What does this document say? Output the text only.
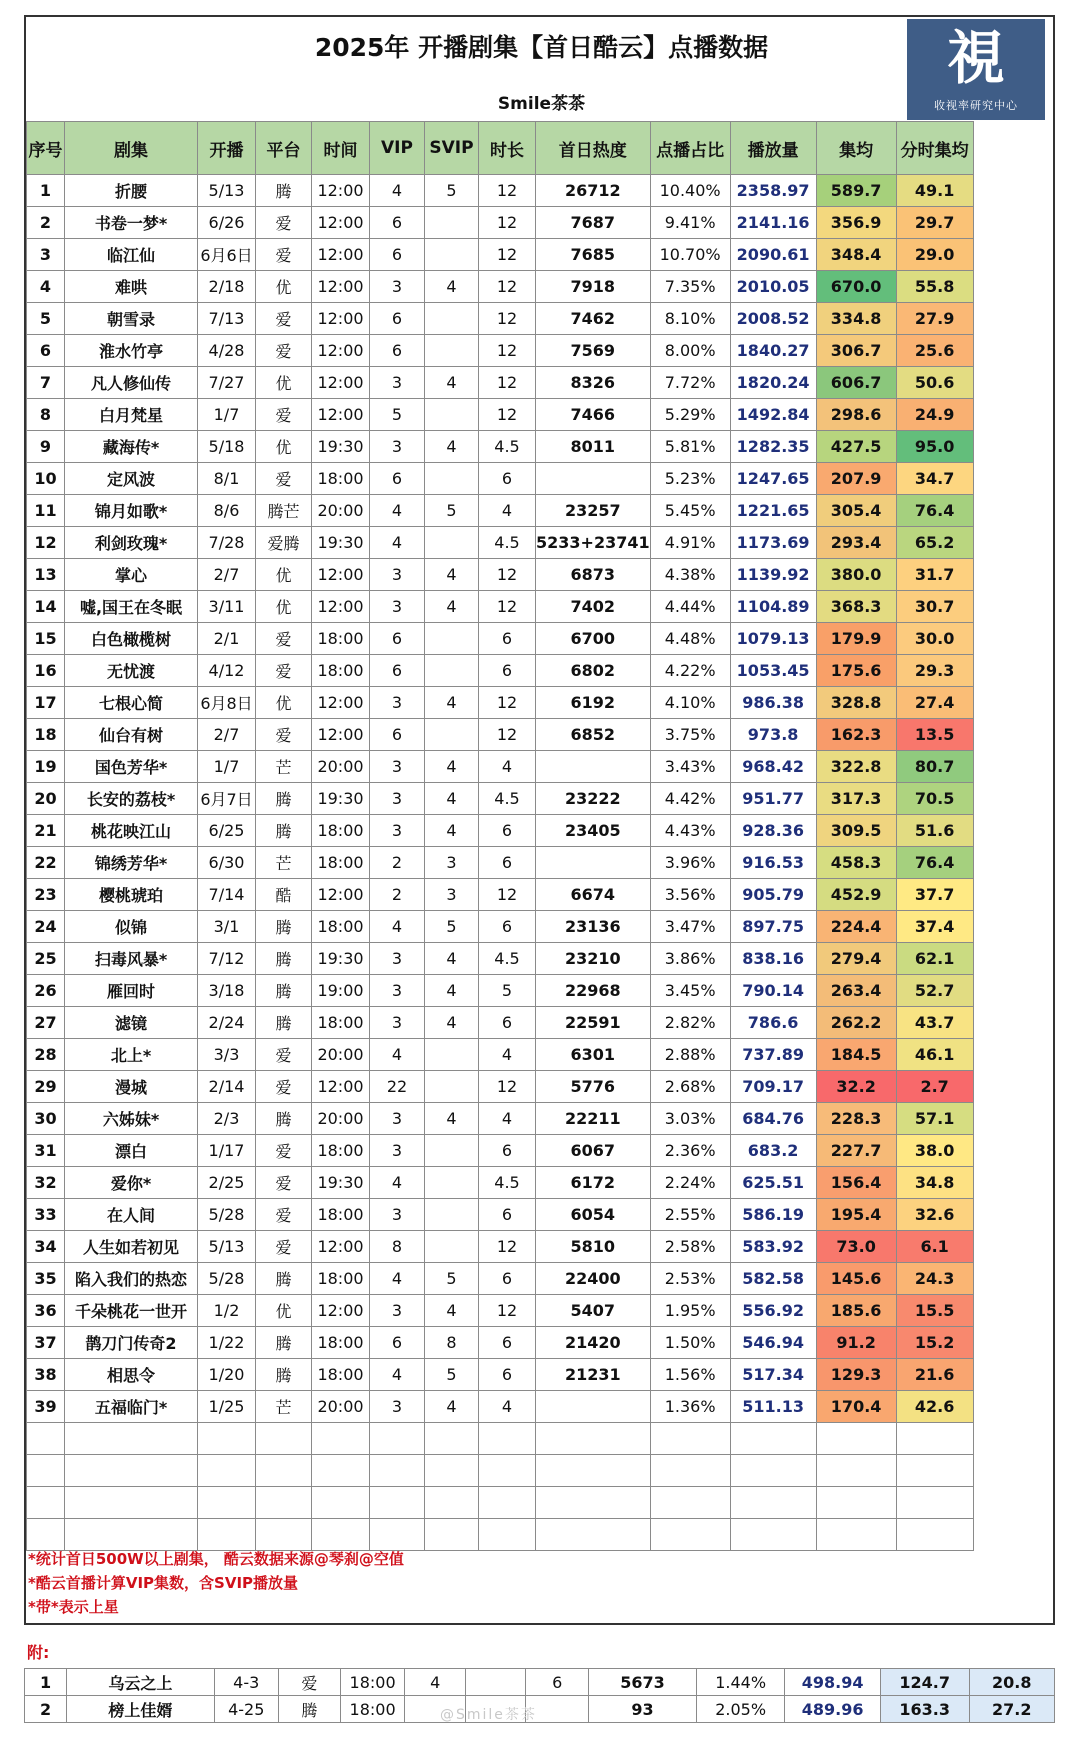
2025年 开播剧集【首日酷云】点播数据
Smile茶茶
視
收视率研究中心
序号	剧集	开播	平台	时间	VIP	SVIP	时长	首日热度	点播占比	播放量	集均	分时集均
1	折腰	5/13	腾	12:00	4	5	12	26712	10.40%	2358.97	589.7	49.1
2	书卷一梦*	6/26	爱	12:00	6		12	7687	9.41%	2141.16	356.9	29.7
3	临江仙	6月6日	爱	12:00	6		12	7685	10.70%	2090.61	348.4	29.0
4	难哄	2/18	优	12:00	3	4	12	7918	7.35%	2010.05	670.0	55.8
5	朝雪录	7/13	爱	12:00	6		12	7462	8.10%	2008.52	334.8	27.9
6	淮水竹亭	4/28	爱	12:00	6		12	7569	8.00%	1840.27	306.7	25.6
7	凡人修仙传	7/27	优	12:00	3	4	12	8326	7.72%	1820.24	606.7	50.6
8	白月梵星	1/7	爱	12:00	5		12	7466	5.29%	1492.84	298.6	24.9
9	藏海传*	5/18	优	19:30	3	4	4.5	8011	5.81%	1282.35	427.5	95.0
10	定风波	8/1	爱	18:00	6		6		5.23%	1247.65	207.9	34.7
11	锦月如歌*	8/6	腾芒	20:00	4	5	4	23257	5.45%	1221.65	305.4	76.4
12	利剑玫瑰*	7/28	爱腾	19:30	4		4.5	5233+23741	4.91%	1173.69	293.4	65.2
13	掌心	2/7	优	12:00	3	4	12	6873	4.38%	1139.92	380.0	31.7
14	嘘,国王在冬眠	3/11	优	12:00	3	4	12	7402	4.44%	1104.89	368.3	30.7
15	白色橄榄树	2/1	爱	18:00	6		6	6700	4.48%	1079.13	179.9	30.0
16	无忧渡	4/12	爱	18:00	6		6	6802	4.22%	1053.45	175.6	29.3
17	七根心简	6月8日	优	12:00	3	4	12	6192	4.10%	986.38	328.8	27.4
18	仙台有树	2/7	爱	12:00	6		12	6852	3.75%	973.8	162.3	13.5
19	国色芳华*	1/7	芒	20:00	3	4	4		3.43%	968.42	322.8	80.7
20	长安的荔枝*	6月7日	腾	19:30	3	4	4.5	23222	4.42%	951.77	317.3	70.5
21	桃花映江山	6/25	腾	18:00	3	4	6	23405	4.43%	928.36	309.5	51.6
22	锦绣芳华*	6/30	芒	18:00	2	3	6		3.96%	916.53	458.3	76.4
23	樱桃琥珀	7/14	酷	12:00	2	3	12	6674	3.56%	905.79	452.9	37.7
24	似锦	3/1	腾	18:00	4	5	6	23136	3.47%	897.75	224.4	37.4
25	扫毒风暴*	7/12	腾	19:30	3	4	4.5	23210	3.86%	838.16	279.4	62.1
26	雁回时	3/18	腾	19:00	3	4	5	22968	3.45%	790.14	263.4	52.7
27	滤镜	2/24	腾	18:00	3	4	6	22591	2.82%	786.6	262.2	43.7
28	北上*	3/3	爱	20:00	4		4	6301	2.88%	737.89	184.5	46.1
29	漫城	2/14	爱	12:00	22		12	5776	2.68%	709.17	32.2	2.7
30	六姊妹*	2/3	腾	20:00	3	4	4	22211	3.03%	684.76	228.3	57.1
31	漂白	1/17	爱	18:00	3		6	6067	2.36%	683.2	227.7	38.0
32	爱你*	2/25	爱	19:30	4		4.5	6172	2.24%	625.51	156.4	34.8
33	在人间	5/28	爱	18:00	3		6	6054	2.55%	586.19	195.4	32.6
34	人生如若初见	5/13	爱	12:00	8		12	5810	2.58%	583.92	73.0	6.1
35	陷入我们的热恋	5/28	腾	18:00	4	5	6	22400	2.53%	582.58	145.6	24.3
36	千朵桃花一世开	1/2	优	12:00	3	4	12	5407	1.95%	556.92	185.6	15.5
37	鹊刀门传奇2	1/22	腾	18:00	6	8	6	21420	1.50%	546.94	91.2	15.2
38	相思令	1/20	腾	18:00	4	5	6	21231	1.56%	517.34	129.3	21.6
39	五福临门*	1/25	芒	20:00	3	4	4		1.36%	511.13	170.4	42.6

*统计首日500W以上剧集， 酷云数据来源@琴刹@空值
*酷云首播计算VIP集数，含SVIP播放量
*带*表示上星
附:
1	乌云之上	4-3	爱	18:00	4		6	5673	1.44%	498.94	124.7	20.8
2	榜上佳婿	4-25	腾	18:00				93	2.05%	489.96	163.3	27.2
@Smile茶茶
